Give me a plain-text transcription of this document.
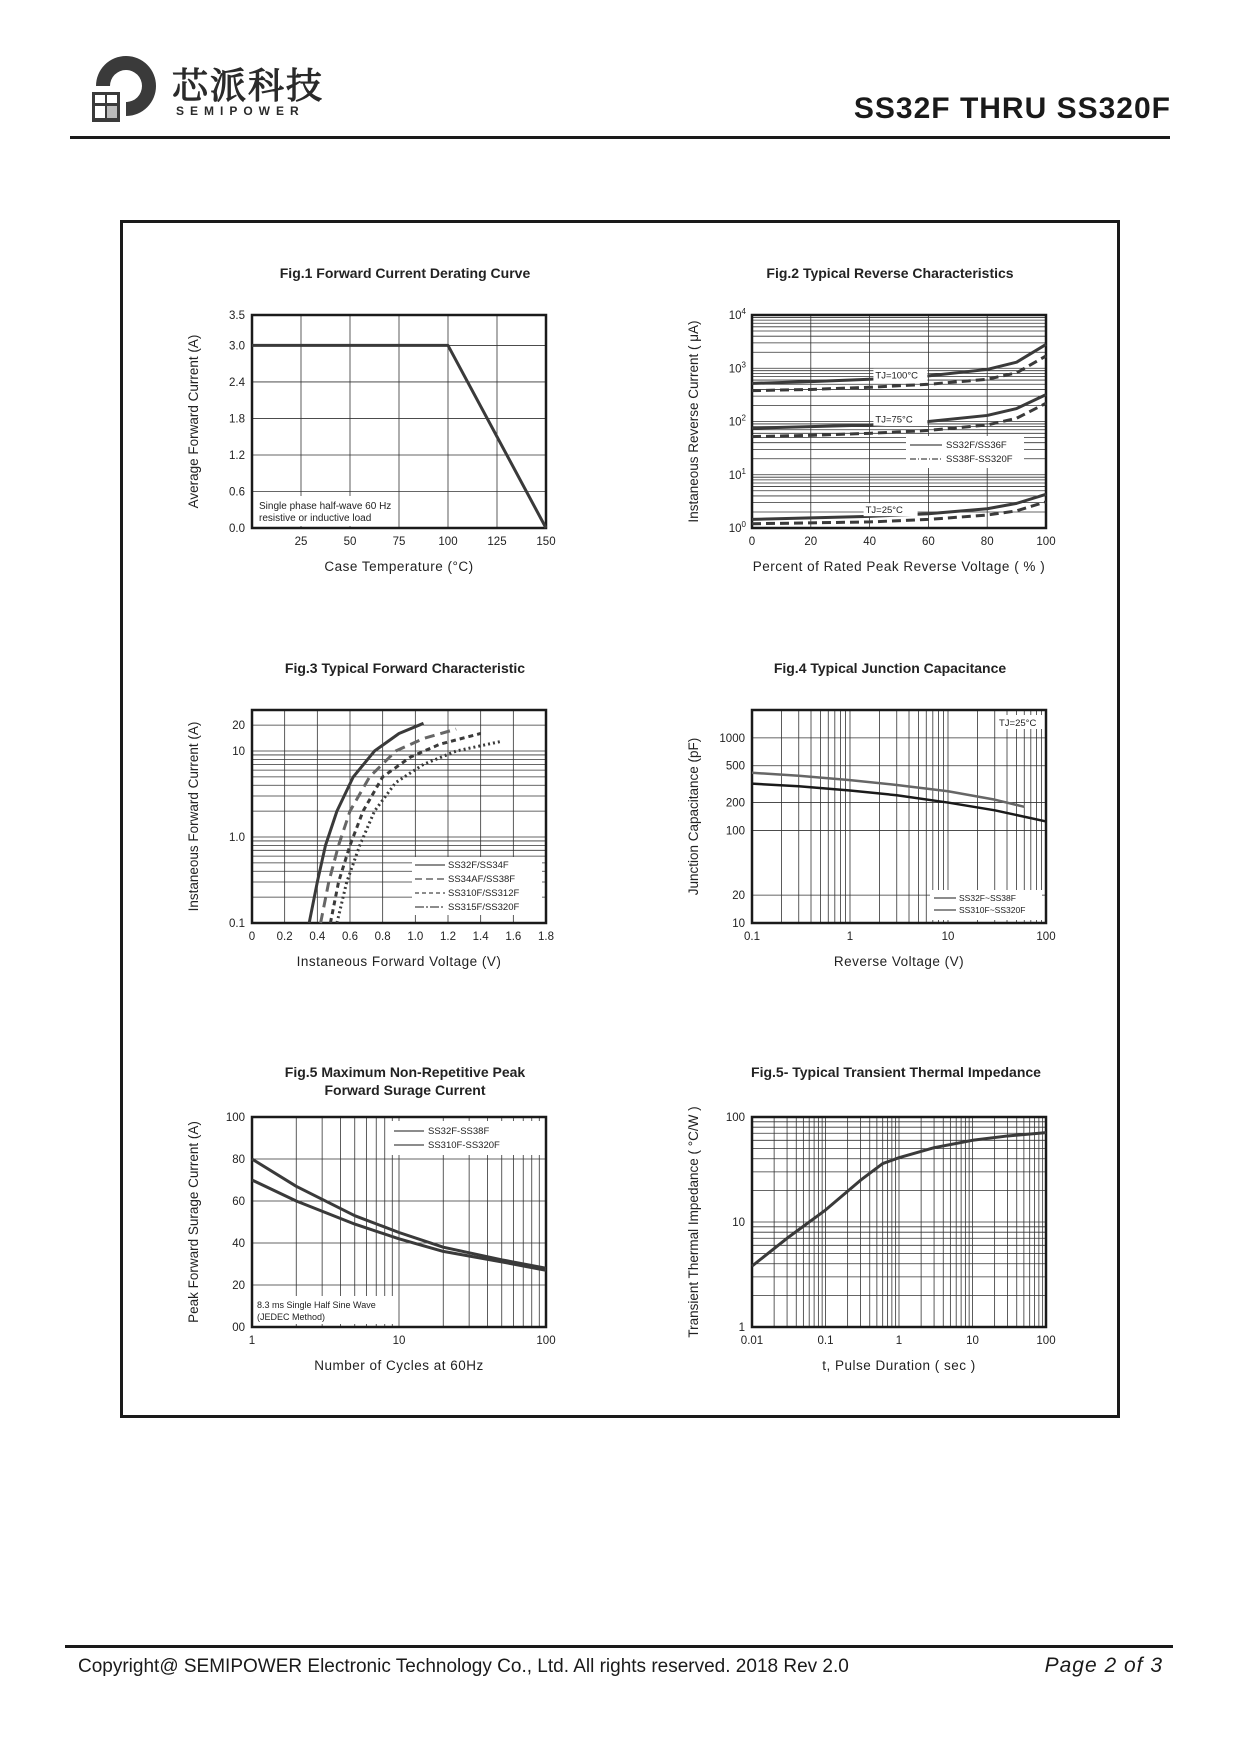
芯派科技
SEMIPOWER	SS32F THRU SS320F
Fig.1 Forward Current Derating Curve
25	50	75	100	125	150
0.0
0.6
1.2
1.8
2.4
3.0
3.5
Case Temperature (°C)
Average Forward Current (A)	Single phase half-wave 60 Hz
resistive or inductive load
Fig.2 Typical Reverse Characteristics
0	20	40	60	80	100
$10^0$
$10^1$
$10^2$
$10^3$
$10^4$
Percent of Rated Peak Reverse Voltage ( % )
Instaneous Reverse Current ( μA)	TJ=100°C
TJ=75°C
TJ=25°C
SS32F/SS36F
SS38F-SS320F
Fig.3 Typical Forward Characteristic
0 0.2 0.4 0.6 0.8 1.0 1.2 1.4 1.6 1.8
0.1
1.0
10
20
Instaneous Forward Voltage (V)
Instaneous Forward Current (A)	SS32F/SS34F
SS34AF/SS38F
SS310F/SS312F
SS315F/SS320F
Fig.4 Typical Junction Capacitance
0.1	1	10	100
10
20
100
200
500
1000
Reverse Voltage (V)
Junction Capacitance (pF)
TJ=25°C
SS32F~SS38F
SS310F~SS320F
Fig.5 Maximum Non-Repetitive Peak
Forward Surage Current
1	10	100
00
20
40
60
80
100
Number of Cycles at 60Hz
Peak Forward Surage Current (A)	SS32F-SS38F
SS310F-SS320F
8.3 ms Single Half Sine Wave
(JEDEC Method)
Fig.5- Typical Transient Thermal Impedance
0.01	0.1	1	10	100
1
10
100
t, Pulse Duration ( sec )
Transient Thermal Impedance ( °C/W )
Copyright@ SEMIPOWER Electronic Technology Co., Ltd. All rights reserved. 2018 Rev 2.0	Page 2 of 3
